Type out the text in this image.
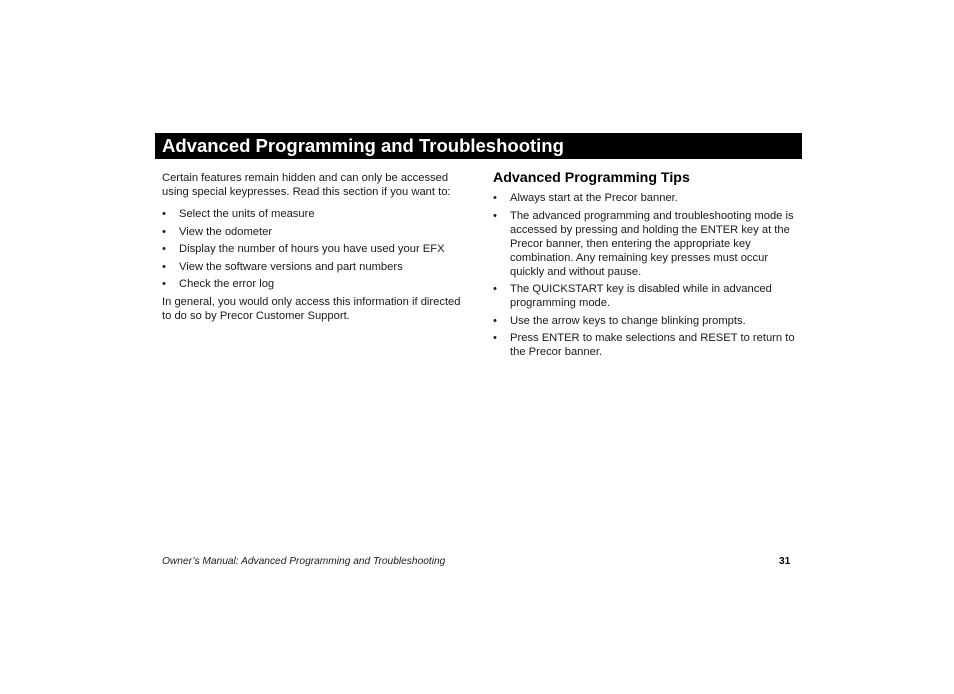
Advanced Programming and Troubleshooting

Certain features remain hidden and can only be accessed using special keypresses. Read this section if you want to:

• Select the units of measure
• View the odometer
• Display the number of hours you have used your EFX
• View the software versions and part numbers
• Check the error log

In general, you would only access this information if directed to do so by Precor Customer Support.

Advanced Programming Tips
• Always start at the Precor banner.
• The advanced programming and troubleshooting mode is accessed by pressing and holding the ENTER key at the Precor banner, then entering the appropriate key combination. Any remaining key presses must occur quickly and without pause.
• The QUICKSTART key is disabled while in advanced programming mode.
• Use the arrow keys to change blinking prompts.
• Press ENTER to make selections and RESET to return to the Precor banner.
Owner’s Manual: Advanced Programming and Troubleshooting	31
